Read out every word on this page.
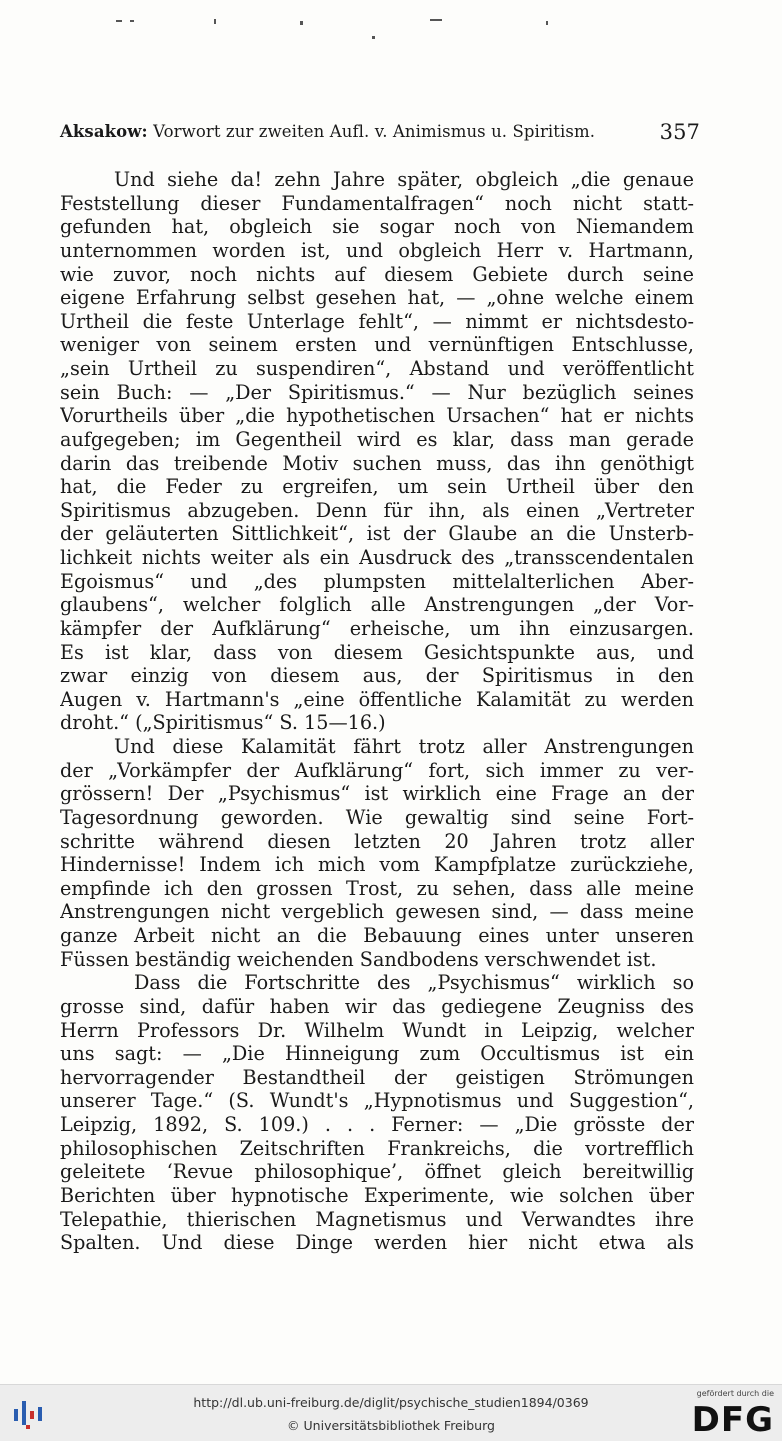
Aksakow: Vorwort zur zweiten Aufl. v. Animismus u. Spiritism.	357
Und siehe da! zehn Jahre später, obgleich „die genaue
Feststellung dieser Fundamentalfragen“ noch nicht statt-
gefunden hat, obgleich sie sogar noch von Niemandem
unternommen worden ist, und obgleich Herr v. Hartmann,
wie zuvor, noch nichts auf diesem Gebiete durch seine
eigene Erfahrung selbst gesehen hat, — „ohne welche einem
Urtheil die feste Unterlage fehlt“, — nimmt er nichtsdesto-
weniger von seinem ersten und vernünftigen Entschlusse,
„sein Urtheil zu suspendiren“, Abstand und veröffentlicht
sein Buch: — „Der Spiritismus.“ — Nur bezüglich seines
Vorurtheils über „die hypothetischen Ursachen“ hat er nichts
aufgegeben; im Gegentheil wird es klar, dass man gerade
darin das treibende Motiv suchen muss, das ihn genöthigt
hat, die Feder zu ergreifen, um sein Urtheil über den
Spiritismus abzugeben. Denn für ihn, als einen „Vertreter
der geläuterten Sittlichkeit“, ist der Glaube an die Unsterb-
lichkeit nichts weiter als ein Ausdruck des „transscendentalen
Egoismus“ und „des plumpsten mittelalterlichen Aber-
glaubens“, welcher folglich alle Anstrengungen „der Vor-
kämpfer der Aufklärung“ erheische, um ihn einzusargen.
Es ist klar, dass von diesem Gesichtspunkte aus, und
zwar einzig von diesem aus, der Spiritismus in den
Augen v. Hartmann's „eine öffentliche Kalamität zu werden
droht.“ („Spiritismus“ S. 15—16.)
Und diese Kalamität fährt trotz aller Anstrengungen
der „Vorkämpfer der Aufklärung“ fort, sich immer zu ver-
grössern! Der „Psychismus“ ist wirklich eine Frage an der
Tagesordnung geworden. Wie gewaltig sind seine Fort-
schritte während diesen letzten 20 Jahren trotz aller
Hindernisse! Indem ich mich vom Kampfplatze zurückziehe,
empfinde ich den grossen Trost, zu sehen, dass alle meine
Anstrengungen nicht vergeblich gewesen sind, — dass meine
ganze Arbeit nicht an die Bebauung eines unter unseren
Füssen beständig weichenden Sandbodens verschwendet ist.
Dass die Fortschritte des „Psychismus“ wirklich so
grosse sind, dafür haben wir das gediegene Zeugniss des
Herrn Professors Dr. Wilhelm Wundt in Leipzig, welcher
uns sagt: — „Die Hinneigung zum Occultismus ist ein
hervorragender Bestandtheil der geistigen Strömungen
unserer Tage.“ (S. Wundt's „Hypnotismus und Suggestion“,
Leipzig, 1892, S. 109.) . . . Ferner: — „Die grösste der
philosophischen Zeitschriften Frankreichs, die vortrefflich
geleitete ‘Revue philosophique’, öffnet gleich bereitwillig
Berichten über hypnotische Experimente, wie solchen über
Telepathie, thierischen Magnetismus und Verwandtes ihre
Spalten. Und diese Dinge werden hier nicht etwa als
http://dl.ub.uni-freiburg.de/diglit/psychische_studien1894/0369
© Universitätsbibliothek Freiburg
gefördert durch die
DFG
